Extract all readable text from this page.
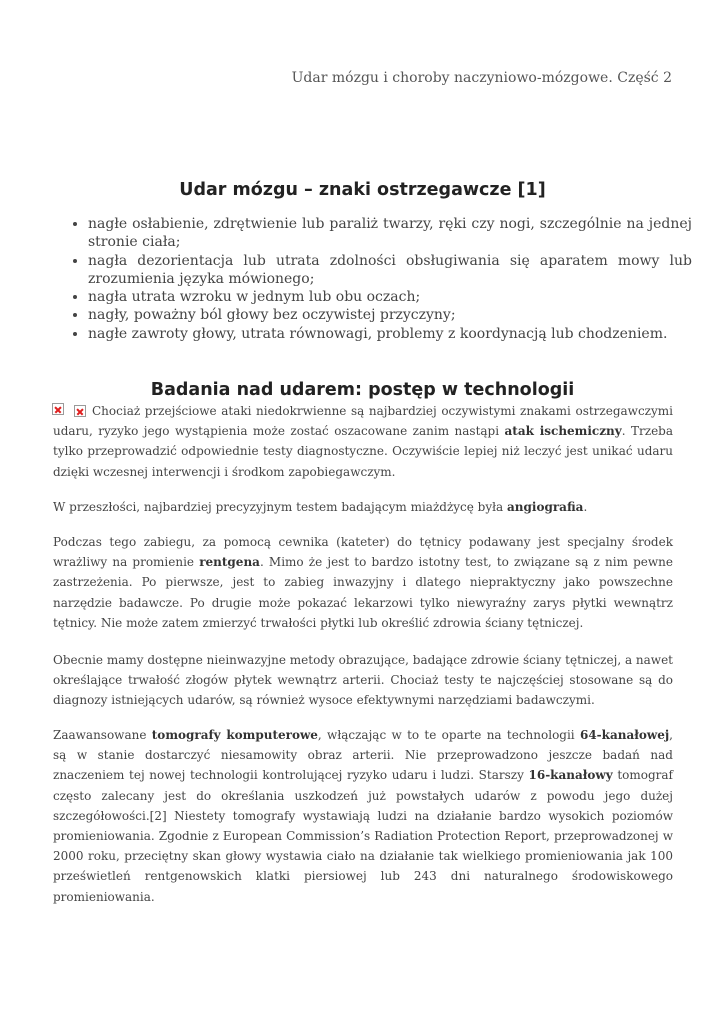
Udar mózgu i choroby naczyniowo-mózgowe. Część 2
Udar mózgu – znaki ostrzegawcze [1]
• nagłe osłabienie, zdrętwienie lub paraliż twarzy, ręki czy nogi, szczególnie na jednej stronie ciała;
• nagła dezorientacja lub utrata zdolności obsługiwania się aparatem mowy lub zrozumienia języka mówionego;
• nagła utrata wzroku w jednym lub obu oczach;
• nagły, poważny ból głowy bez oczywistej przyczyny;
• nagłe zawroty głowy, utrata równowagi, problemy z koordynacją lub chodzeniem.
Badania nad udarem: postęp w technologii

Chociaż przejściowe ataki niedokrwienne są najbardziej oczywistymi znakami ostrzegawczymi udaru, ryzyko jego wystąpienia może zostać oszacowane zanim nastąpi atak ischemiczny. Trzeba tylko przeprowadzić odpowiednie testy diagnostyczne. Oczywiście lepiej niż leczyć jest unikać udaru dzięki wczesnej interwencji i środkom zapobiegawczym.

W przeszłości, najbardziej precyzyjnym testem badającym miażdżycę była angiografia.

Podczas tego zabiegu, za pomocą cewnika (kateter) do tętnicy podawany jest specjalny środek wrażliwy na promienie rentgena. Mimo że jest to bardzo istotny test, to związane są z nim pewne zastrzeżenia. Po pierwsze, jest to zabieg inwazyjny i dlatego niepraktyczny jako powszechne narzędzie badawcze. Po drugie może pokazać lekarzowi tylko niewyraźny zarys płytki wewnątrz tętnicy. Nie może zatem zmierzyć trwałości płytki lub określić zdrowia ściany tętniczej.

Obecnie mamy dostępne nieinwazyjne metody obrazujące, badające zdrowie ściany tętniczej, a nawet określające trwałość złogów płytek wewnątrz arterii. Chociaż testy te najczęściej stosowane są do diagnozy istniejących udarów, są również wysoce efektywnymi narzędziami badawczymi.

Zaawansowane tomografy komputerowe, włączając w to te oparte na technologii 64-kanałowej, są w stanie dostarczyć niesamowity obraz arterii. Nie przeprowadzono jeszcze badań nad znaczeniem tej nowej technologii kontrolującej ryzyko udaru i ludzi. Starszy 16-kanałowy tomograf często zalecany jest do określania uszkodzeń już powstałych udarów z powodu jego dużej szczegółowości.[2] Niestety tomografy wystawiają ludzi na działanie bardzo wysokich poziomów promieniowania. Zgodnie z European Commission’s Radiation Protection Report, przeprowadzonej w 2000 roku, przeciętny skan głowy wystawia ciało na działanie tak wielkiego promieniowania jak 100 prześwietleń rentgenowskich klatki piersiowej lub 243 dni naturalnego środowiskowego promieniowania.
